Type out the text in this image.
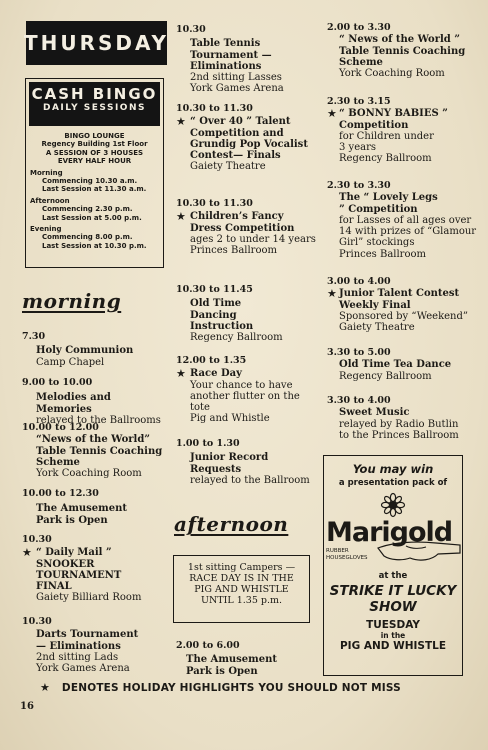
THURSDAY
CASH BINGO
DAILY SESSIONS
BINGO LOUNGE
Regency Building 1st Floor
A SESSION OF 3 HOUSES
EVERY HALF HOUR
Morning
Commencing 10.30 a.m.
Last Session at 11.30 a.m.
Afternoon
Commencing 2.30 p.m.
Last Session at 5.00 p.m.
Evening
Commencing 8.00 p.m.
Last Session at 10.30 p.m.
morning
7.30
Holy Communion
Camp Chapel
9.00 to 10.00
Melodies and Memories
relayed to the Ballrooms
10.00 to 12.00
“News of the World” Table Tennis Coaching Scheme
York Coaching Room
10.00 to 12.30
The Amusement Park is Open
10.30
★ “ Daily Mail ” SNOOKER TOURNAMENT FINAL
Gaiety Billiard Room
10.30
Darts Tournament— Eliminations
2nd sitting Lads
York Games Arena
10.30
Table Tennis Tournament —Eliminations
2nd sitting Lasses
York Games Arena
10.30 to 11.30
★ “ Over 40 ” Talent Competition and Grundig Pop Vocalist Contest— Finals
Gaiety Theatre
10.30 to 11.30
★ Children’s Fancy Dress Competition
ages 2 to under 14 years
Princes Ballroom
10.30 to 11.45
Old Time Dancing Instruction
Regency Ballroom
12.00 to 1.35
★ Race Day
Your chance to have another flutter on the tote
Pig and Whistle
1.00 to 1.30
Junior Record Requests
relayed to the Ballroom
afternoon
1st sitting Campers — RACE DAY IS IN THE PIG AND WHISTLE UNTIL 1.35 p.m.
2.00 to 6.00
The Amusement Park is Open
2.00 to 3.30
“ News of the World ” Table Tennis Coaching Scheme
York Coaching Room
2.30 to 3.15
★ “ BONNY BABIES ” Competition
for Children under
3 years
Regency Ballroom
2.30 to 3.30
The “ Lovely Legs ” Competition
for Lasses of all ages over 14 with prizes of “Glamour Girl” stockings
Princes Ballroom
3.00 to 4.00
★ Junior Talent Contest Weekly Final
Sponsored by “Weekend”
Gaiety Theatre
3.30 to 5.00
Old Time Tea Dance
Regency Ballroom
3.30 to 4.00
Sweet Music
relayed by Radio Butlin to the Princes Ballroom
You may win
a presentation pack of
Marigold
RUBBER
HOUSEGLOVES
at the
STRIKE IT LUCKY SHOW
TUESDAY
in the
PIG AND WHISTLE
★ DENOTES HOLIDAY HIGHLIGHTS YOU SHOULD NOT MISS
16
